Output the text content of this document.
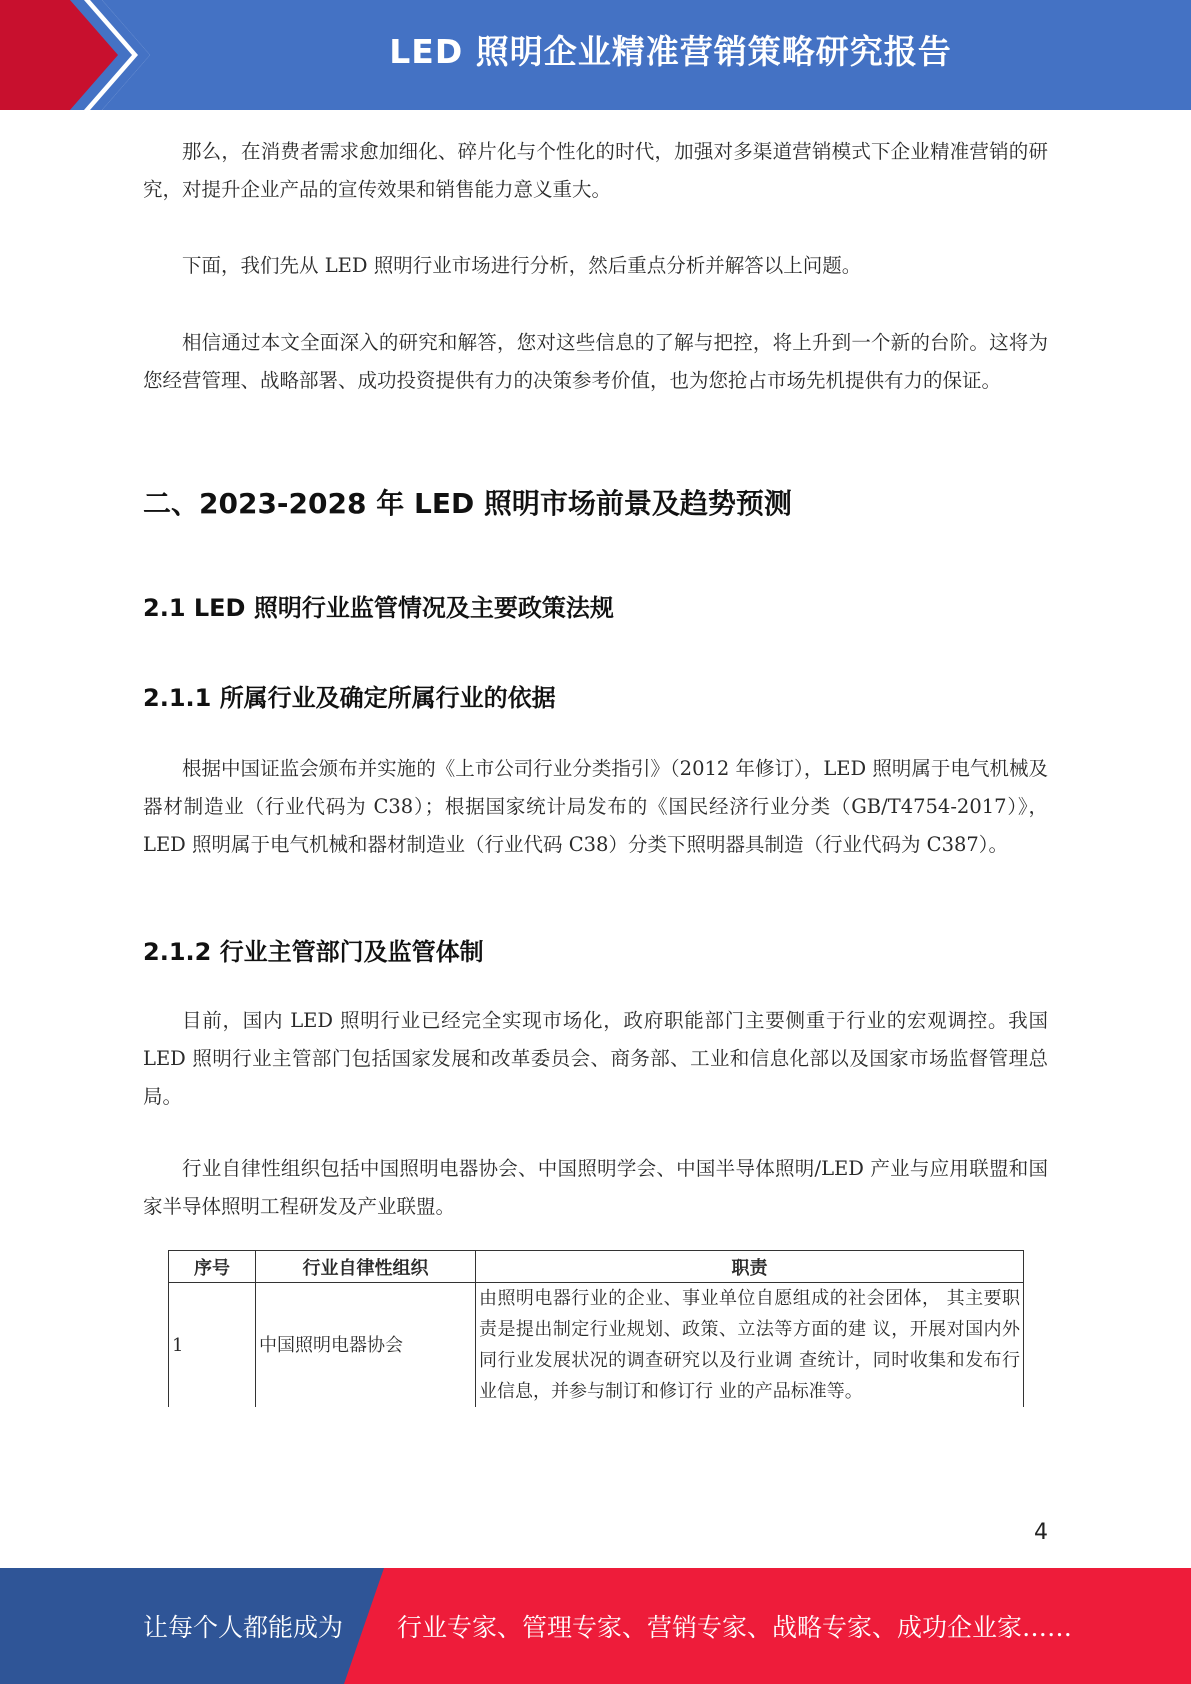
LED 照明企业精准营销策略研究报告

那么，在消费者需求愈加细化、碎片化与个性化的时代，加强对多渠道营销模式下企业精准营销的研究，对提升企业产品的宣传效果和销售能力意义重大。

下面，我们先从 LED 照明行业市场进行分析，然后重点分析并解答以上问题。

相信通过本文全面深入的研究和解答，您对这些信息的了解与把控，将上升到一个新的台阶。这将为您经营管理、战略部署、成功投资提供有力的决策参考价值，也为您抢占市场先机提供有力的保证。

二、2023-2028 年 LED 照明市场前景及趋势预测
2.1 LED 照明行业监管情况及主要政策法规
2.1.1 所属行业及确定所属行业的依据

根据中国证监会颁布并实施的《上市公司行业分类指引》（2012 年修订），LED 照明属于电气机械及器材制造业（行业代码为 C38）；根据国家统计局发布的《国民经济行业分类（GB/T4754-2017）》，LED 照明属于电气机械和器材制造业（行业代码 C38）分类下照明器具制造（行业代码为 C387）。

2.1.2 行业主管部门及监管体制

目前，国内 LED 照明行业已经完全实现市场化，政府职能部门主要侧重于行业的宏观调控。我国 LED 照明行业主管部门包括国家发展和改革委员会、商务部、工业和信息化部以及国家市场监督管理总局。

行业自律性组织包括中国照明电器协会、中国照明学会、中国半导体照明/LED 产业与应用联盟和国家半导体照明工程研发及产业联盟。

序号	行业自律性组织	职责
1	中国照明电器协会	由照明电器行业的企业、事业单位自愿组成的社会团体， 其主要职责是提出制定行业规划、政策、立法等方面的建 议，开展对国内外同行业发展状况的调查研究以及行业调 查统计，同时收集和发布行业信息，并参与制订和修订行 业的产品标准等。
4
让每个人都能成为 行业专家、管理专家、营销专家、战略专家、成功企业家……
